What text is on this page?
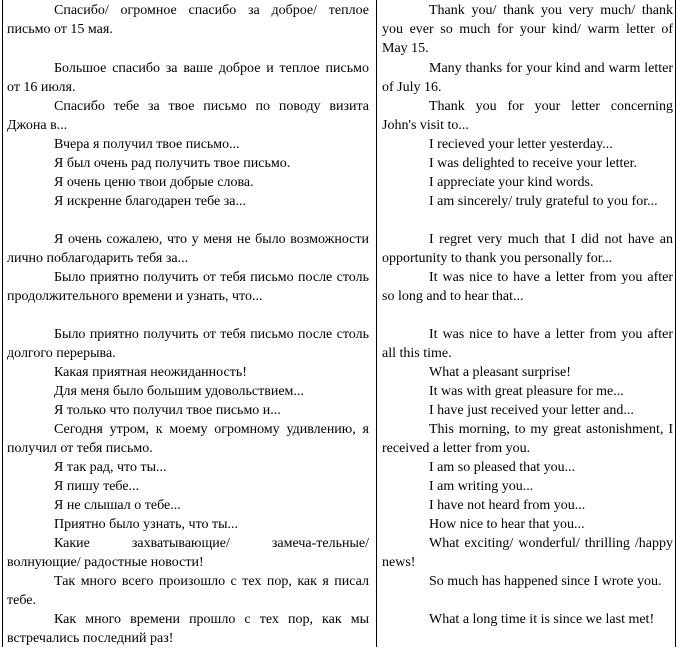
Спасибо/ огромное спасибо за доброе/ теплое письмо от 15 мая.
Большое спасибо за ваше доброе и теплое письмо от 16 июля.
Спасибо тебе за твое письмо по поводу визита Джона в...
Вчера я получил твое письмо...
Я был очень рад получить твое письмо.
Я очень ценю твои добрые слова.
Я искренне благодарен тебе за...
Я очень сожалею, что у меня не было возможности лично поблагодарить тебя за...
Было приятно получить от тебя письмо после столь продолжительного времени и узнать, что...
Было приятно получить от тебя письмо после столь долгого перерыва.
Какая приятная неожиданность!
Для меня было большим удовольствием...
Я только что получил твое письмо и...
Сегодня утром, к моему огромному удивлению, я получил от тебя письмо.
Я так рад, что ты...
Я пишу тебе...
Я не слышал о тебе...
Приятно было узнать, что ты...
Какие захватывающие/ замеча-тельные/ волнующие/ радостные новости!
Так много всего произошло с тех пор, как я писал тебе.
Как много времени прошло с тех пор, как мы встречались последний раз!
Thank you/ thank you very much/ thank you ever so much for your kind/ warm letter of May 15.
Many thanks for your kind and warm letter of July 16.
Thank you for your letter concerning John's visit to...
I recieved your letter yesterday...
I was delighted to receive your letter.
I appreciate your kind words.
I am sincerely/ truly grateful to you for...
I regret very much that I did not have an opportunity to thank you personally for...
It was nice to have a letter from you after so long and to hear that...
It was nice to have a letter from you after all this time.
What a pleasant surprise!
It was with great pleasure for me...
I have just received your letter and...
This morning, to my great astonishment, I received a letter from you.
I am so pleased that you...
I am writing you...
I have not heard from you...
How nice to hear that you...
What exciting/ wonderful/ thrilling /happy news!
So much has happened since I wrote you.
What a long time it is since we last met!
